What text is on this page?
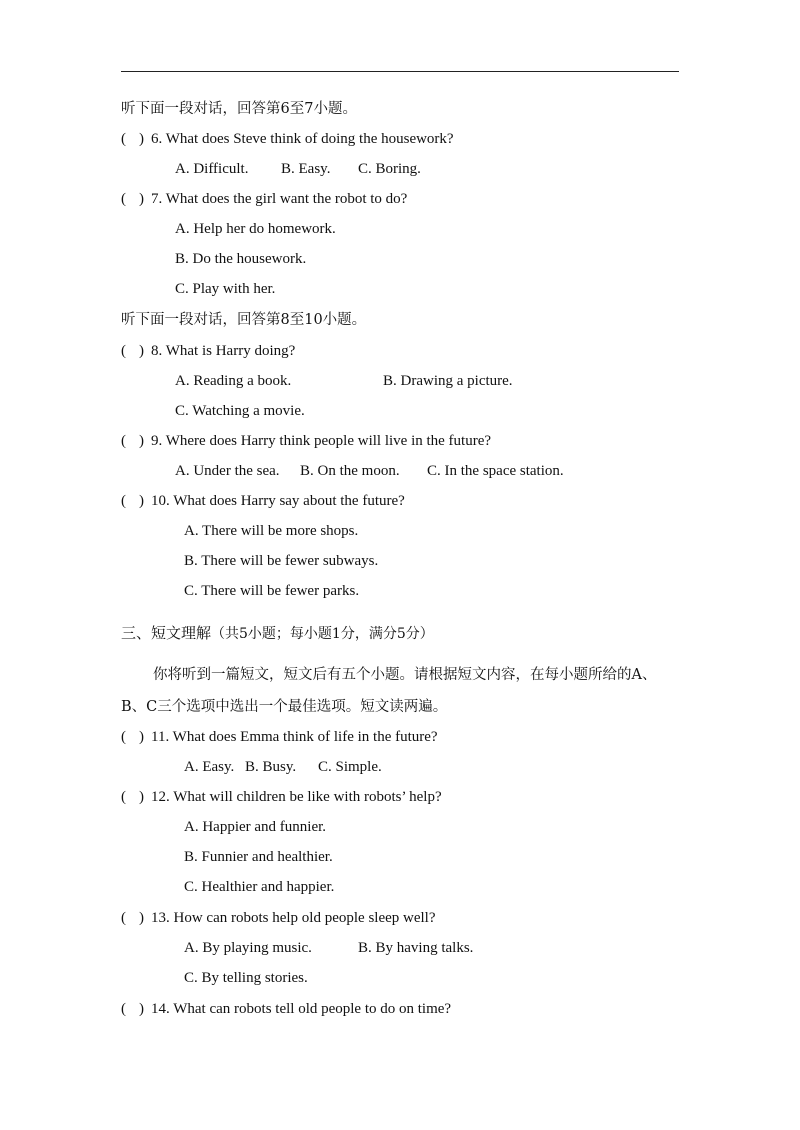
听下面一段对话，回答第6至7小题。
( ) 6. What does Steve think of doing the housework?
A. Difficult. B. Easy. C. Boring.
( ) 7. What does the girl want the robot to do?
A. Help her do homework.
B. Do the housework.
C. Play with her.
听下面一段对话，回答第8至10小题。
( ) 8. What is Harry doing?
A. Reading a book.	B. Drawing a picture.
C. Watching a movie.
( ) 9. Where does Harry think people will live in the future?
A. Under the sea. B. On the moon. C. In the space station.
( ) 10. What does Harry say about the future?
A. There will be more shops.
B. There will be fewer subways.
C. There will be fewer parks.
三、短文理解（共5小题；每小题1分，满分5分）
你将听到一篇短文，短文后有五个小题。请根据短文内容，在每小题所给的A、
B、C三个选项中选出一个最佳选项。短文读两遍。
( ) 11. What does Emma think of life in the future?
A. Easy. B. Busy. C. Simple.
( ) 12. What will children be like with robots’ help?
A. Happier and funnier.
B. Funnier and healthier.
C. Healthier and happier.
( ) 13. How can robots help old people sleep well?
A. By playing music.	B. By having talks.
C. By telling stories.
( ) 14. What can robots tell old people to do on time?
